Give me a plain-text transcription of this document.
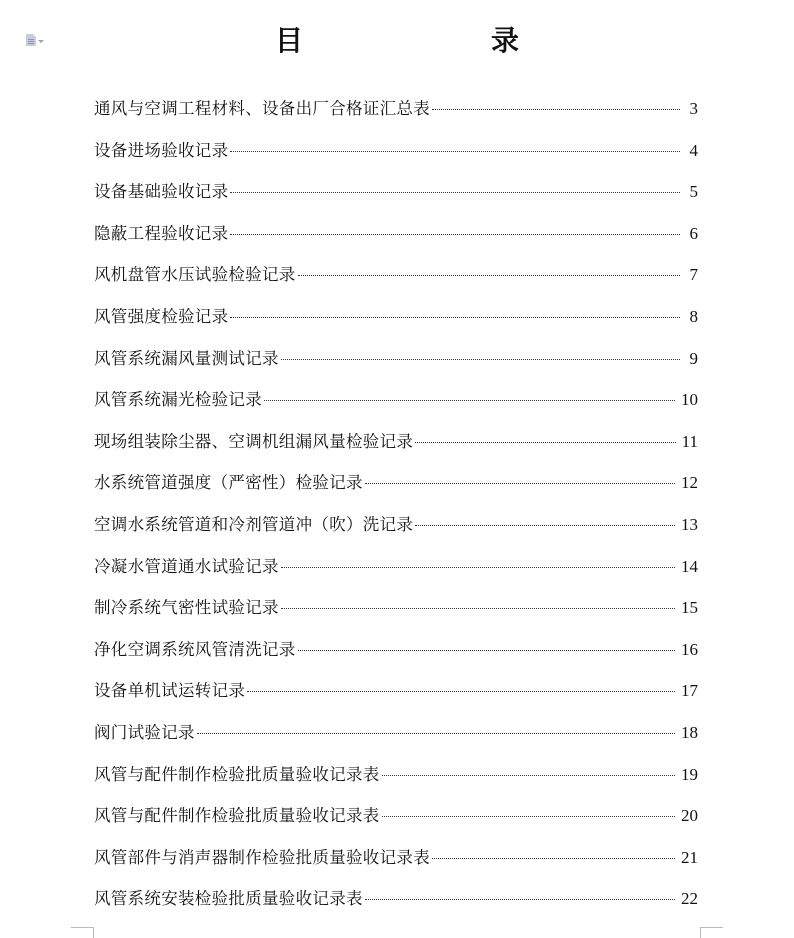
目　　录
通风与空调工程材料、设备出厂合格证汇总表	3
设备进场验收记录	4
设备基础验收记录	5
隐蔽工程验收记录	6
风机盘管水压试验检验记录	7
风管强度检验记录	8
风管系统漏风量测试记录	9
风管系统漏光检验记录	10
现场组装除尘器、空调机组漏风量检验记录	11
水系统管道强度（严密性）检验记录	12
空调水系统管道和冷剂管道冲（吹）洗记录	13
冷凝水管道通水试验记录	14
制冷系统气密性试验记录	15
净化空调系统风管清洗记录	16
设备单机试运转记录	17
阀门试验记录	18
风管与配件制作检验批质量验收记录表	19
风管与配件制作检验批质量验收记录表	20
风管部件与消声器制作检验批质量验收记录表	21
风管系统安装检验批质量验收记录表	22
